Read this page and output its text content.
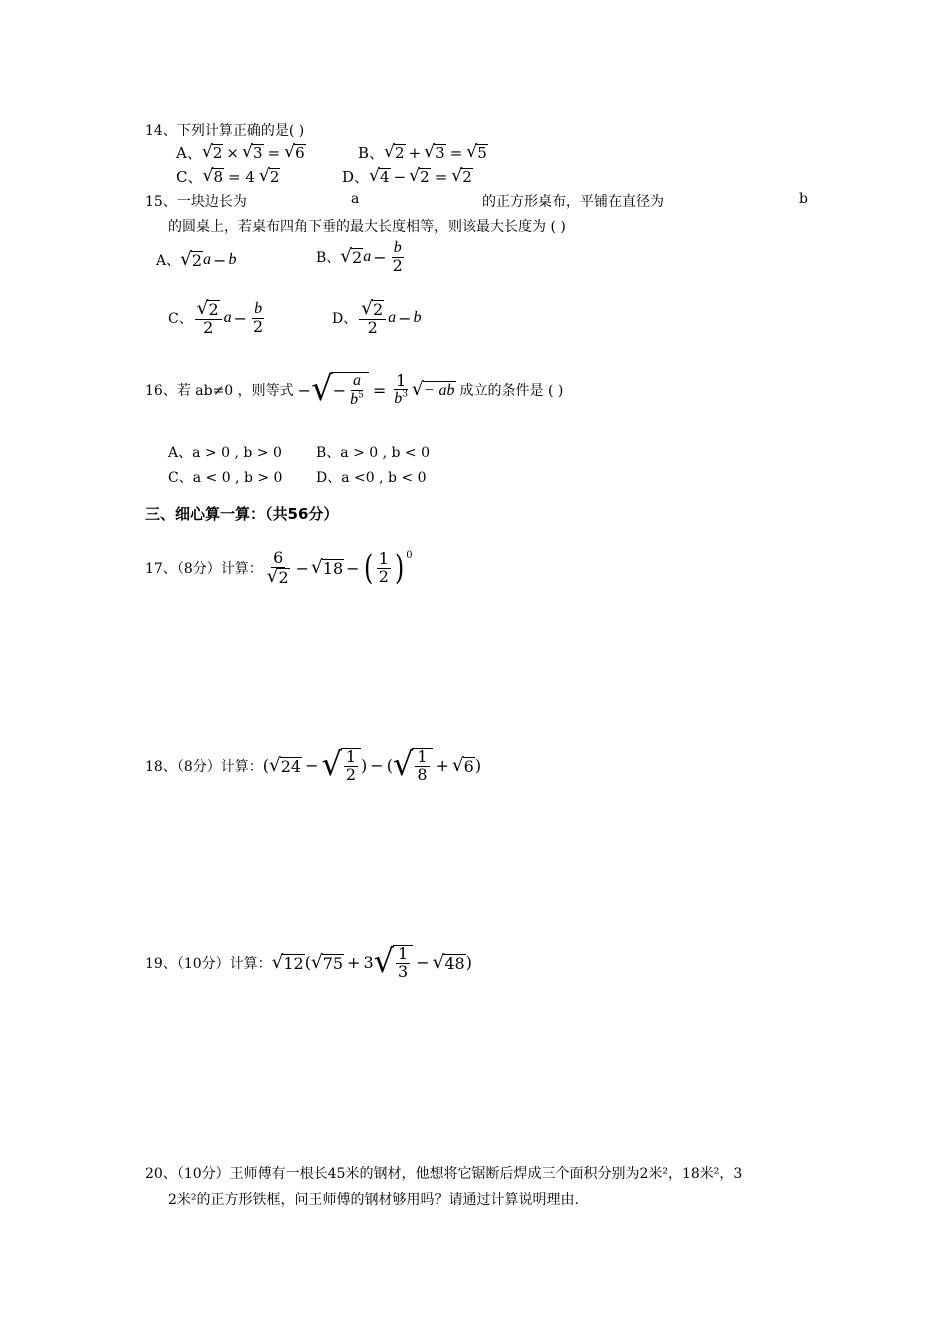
14、下列计算正确的是( )
A、 √ 2 × √ 3 = √ 6	B、 √ 2 + √ 3 = √ 5
C、 √ 8 = 4 √ 2	D、 √ 4 − √ 2 = √ 2
15、一块边长为	a	的正方形桌布，平铺在直径为	b
的圆桌上，若桌布四角下垂的最大长度相等，则该最大长度为 ( )
A、 √ 2 a − b	B、 √ 2 $a - \frac{b}{2}$
C、 $\frac{√ 2}{2}$ $a - \frac{b}{2}$	D、 $\frac{√ 2}{2}$ a − b
16、若 ab≠0 ，则等式 − √ − $\frac{a}{b^5} = \frac{1}{b^3}$ √ − ab 成立的条件是 ( )
A、a > 0 , b > 0 B、a > 0 , b < 0
C、a < 0 , b > 0 D、a <0 , b < 0
三、细心算一算：（共56分）
17、（8分）计算： $\frac{6}{√ 2}$ − √ 18 − ( $\frac{1}{2} )^0$
18、（8分）计算： ( √ 24 − √ $\frac{1}{2}$ ) − ( √ $\frac{1}{8}$ + √ 6 )
19、（10分）计算： √ 12 ( √ 75 + 3 √ $\frac{1}{3}$ − √ 48 )
20、（10分）王师傅有一根长45米的钢材，他想将它锯断后焊成三个面积分别为2米²，18米²，3
2米²的正方形铁框，问王师傅的钢材够用吗？请通过计算说明理由.
